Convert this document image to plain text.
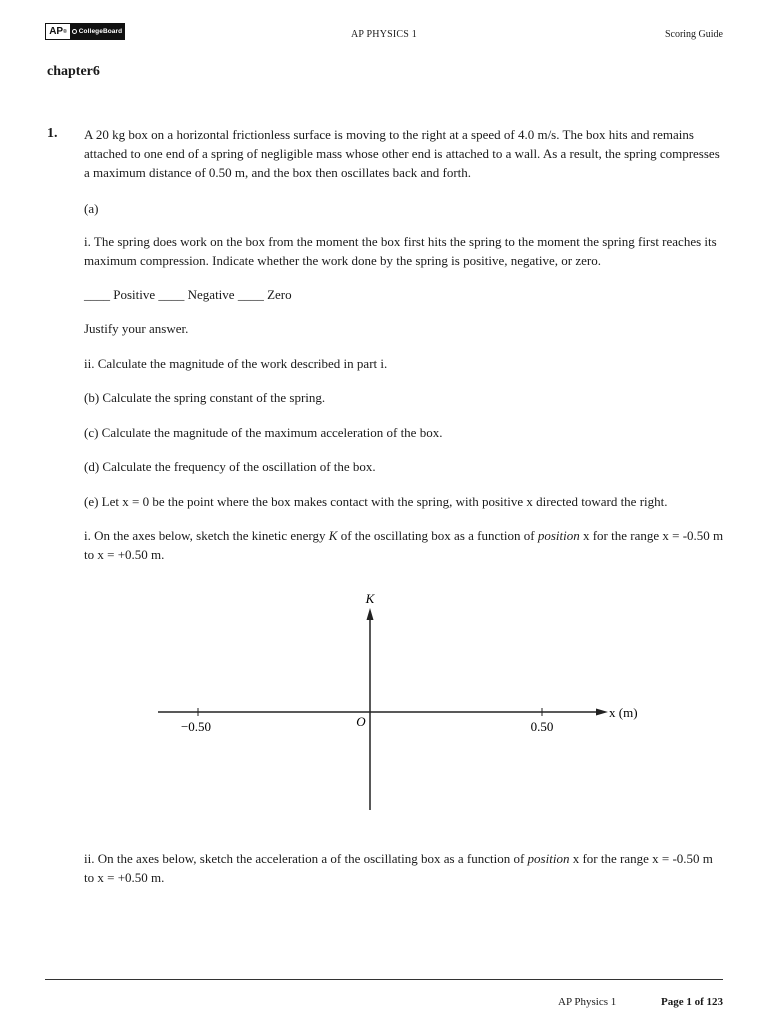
AP ® CollegeBoard	AP PHYSICS 1	Scoring Guide
chapter6
1. A 20 kg box on a horizontal frictionless surface is moving to the right at a speed of 4.0 m/s. The box hits and remains attached to one end of a spring of negligible mass whose other end is attached to a wall. As a result, the spring compresses a maximum distance of 0.50 m, and the box then oscillates back and forth.

(a)

i. The spring does work on the box from the moment the box first hits the spring to the moment the spring first reaches its maximum compression. Indicate whether the work done by the spring is positive, negative, or zero.

____ Positive ____ Negative ____ Zero

Justify your answer.

ii. Calculate the magnitude of the work described in part i.

(b) Calculate the spring constant of the spring.

(c) Calculate the magnitude of the maximum acceleration of the box.

(d) Calculate the frequency of the oscillation of the box.

(e) Let x = 0 be the point where the box makes contact with the spring, with positive x directed toward the right.

i. On the axes below, sketch the kinetic energy K of the oscillating box as a function of position x for the range x = -0.50 m to x = +0.50 m.

K
x (m)
O
−0.50	0.50

ii. On the axes below, sketch the acceleration a of the oscillating box as a function of position x for the range x = -0.50 m to x = +0.50 m.

AP Physics 1	Page 1 of 123
